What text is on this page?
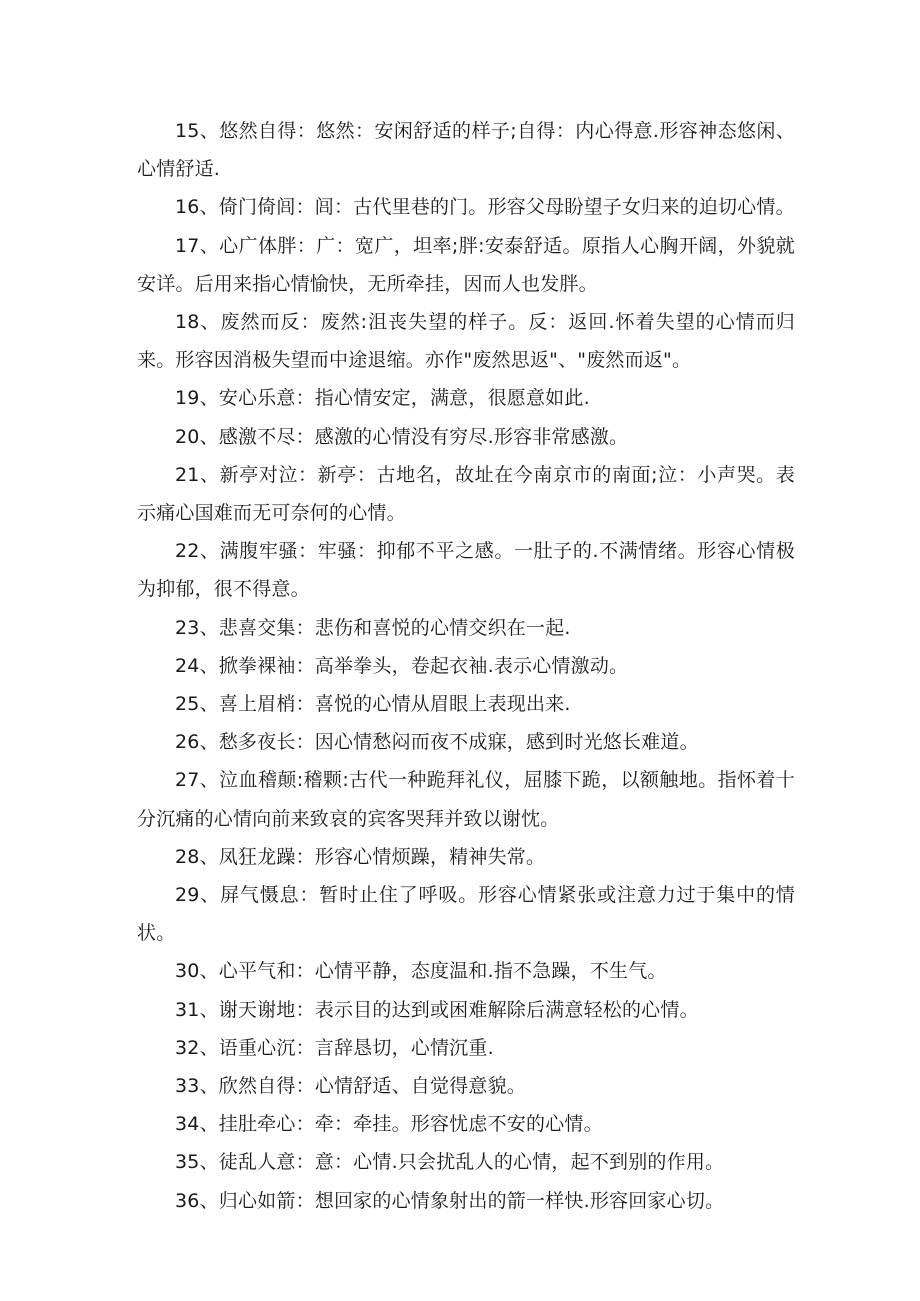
15、悠然自得：悠然：安闲舒适的样子;自得：内心得意.形容神态悠闲、心情舒适.

16、倚门倚闾：闾：古代里巷的门。形容父母盼望子女归来的迫切心情。

17、心广体胖：广：宽广，坦率;胖:安泰舒适。原指人心胸开阔，外貌就安详。后用来指心情愉快，无所牵挂，因而人也发胖。

18、废然而反：废然:沮丧失望的样子。反：返回.怀着失望的心情而归来。形容因消极失望而中途退缩。亦作"废然思返"、"废然而返"。

19、安心乐意：指心情安定，满意，很愿意如此.

20、感激不尽：感激的心情没有穷尽.形容非常感激。

21、新亭对泣：新亭：古地名，故址在今南京市的南面;泣：小声哭。表示痛心国难而无可奈何的心情。

22、满腹牢骚：牢骚：抑郁不平之感。一肚子的.不满情绪。形容心情极为抑郁，很不得意。

23、悲喜交集：悲伤和喜悦的心情交织在一起.

24、掀拳裸袖：高举拳头，卷起衣袖.表示心情激动。

25、喜上眉梢：喜悦的心情从眉眼上表现出来.

26、愁多夜长：因心情愁闷而夜不成寐，感到时光悠长难道。

27、泣血稽颠:稽颗:古代一种跪拜礼仪，屈膝下跪，以额触地。指怀着十分沉痛的心情向前来致哀的宾客哭拜并致以谢忱。

28、凤狂龙躁：形容心情烦躁，精神失常。

29、屏气慑息：暂时止住了呼吸。形容心情紧张或注意力过于集中的情状。

30、心平气和：心情平静，态度温和.指不急躁，不生气。

31、谢天谢地：表示目的达到或困难解除后满意轻松的心情。

32、语重心沉：言辞恳切，心情沉重.

33、欣然自得：心情舒适、自觉得意貌。

34、挂肚牵心：牵：牵挂。形容忧虑不安的心情。

35、徒乱人意：意：心情.只会扰乱人的心情，起不到别的作用。

36、归心如箭：想回家的心情象射出的箭一样快.形容回家心切。
